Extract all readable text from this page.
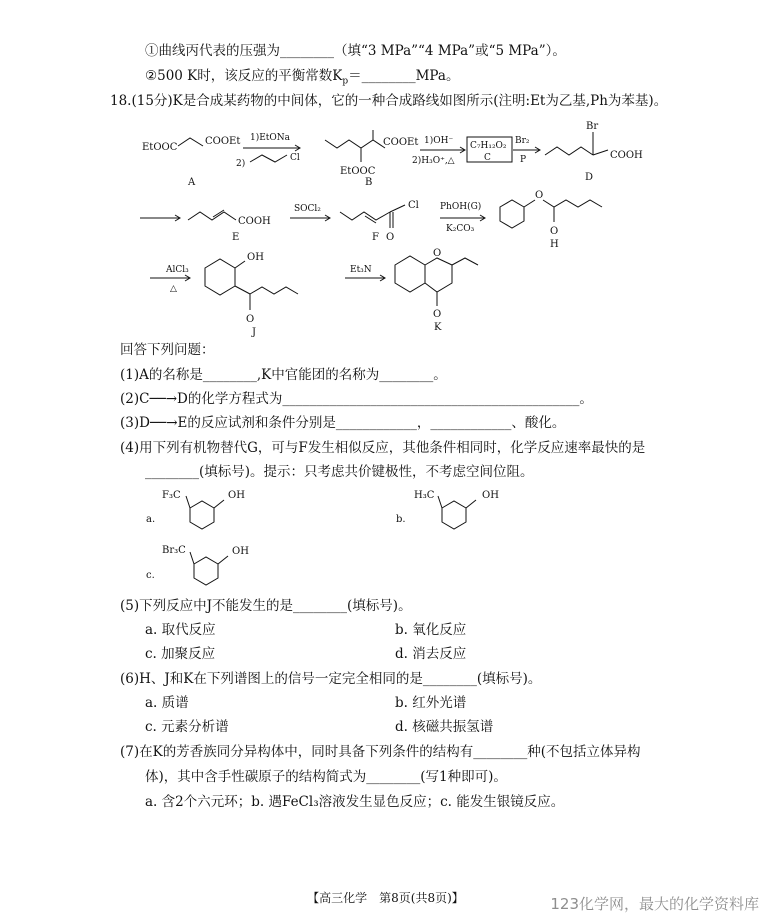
①曲线丙代表的压强为________（填“3 MPa”“4 MPa”或“5 MPa”）。
②500 K时，该反应的平衡常数$K_p=\_\_\_\_\_\_\_\_MPa$。
18.(15分)K是合成某药物的中间体，它的一种合成路线如图所示(注明:Et为乙基,Ph为苯基)。
EtOOC
COOEt
A
1)EtONa
2)
Cl
COOEt
EtOOC
B
1)OH⁻
2)H₃O⁺,△
C₇H₁₂O₂
C
Br₂
P
Br
COOH
D
COOH
E
SOCl₂
O
Cl
F
PhOH(G)
K₂CO₃
O
O
H
AlCl₃
△
OH
O
J
Et₃N
O
O
K
回答下列问题：
(1)A的名称是________,K中官能团的名称为________。
(2)C──→D的化学方程式为____________________________________________。
(3)D──→E的反应试剂和条件分别是____________，____________、酸化。
(4)用下列有机物替代G，可与F发生相似反应，其他条件相同时，化学反应速率最快的是
________(填标号)。提示：只考虑共价键极性，不考虑空间位阻。
a.
F₃C	OH
b.
H₃C	OH
c.
Br₃C	OH
(5)下列反应中J不能发生的是________(填标号)。
a. 取代反应	b. 氧化反应
c. 加聚反应	d. 消去反应
(6)H、J和K在下列谱图上的信号一定完全相同的是________(填标号)。
a. 质谱	b. 红外光谱
c. 元素分析谱	d. 核磁共振氢谱
(7)在K的芳香族同分异构体中，同时具备下列条件的结构有________种(不包括立体异构
体)，其中含手性碳原子的结构简式为________(写1种即可)。
a. 含2个六元环；b. 遇FeCl₃溶液发生显色反应；c. 能发生银镜反应。
【高三化学　第8页(共8页)】	123化学网，最大的化学资料库
